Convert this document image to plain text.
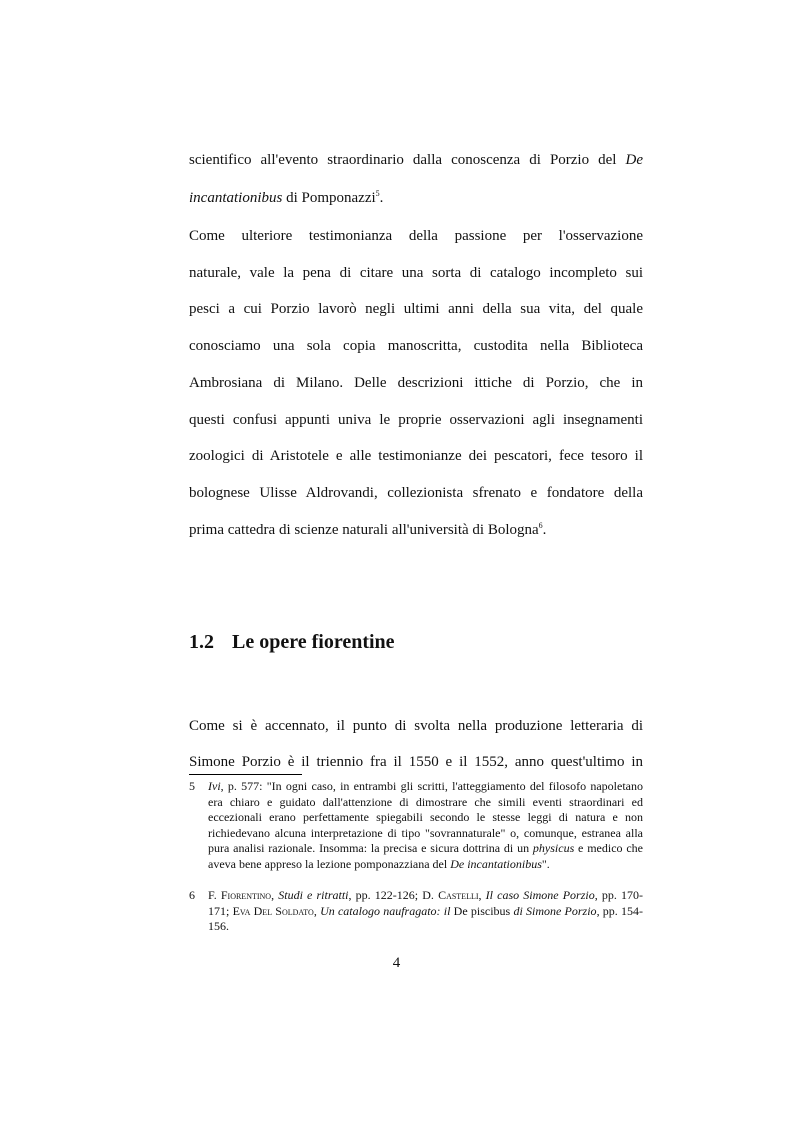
scientifico all'evento straordinario dalla conoscenza di Porzio del De
incantationibus di Pomponazzi$^5$.
Come ulteriore testimonianza della passione per l'osservazione
naturale, vale la pena di citare una sorta di catalogo incompleto sui
pesci a cui Porzio lavorò negli ultimi anni della sua vita, del quale
conosciamo una sola copia manoscritta, custodita nella Biblioteca
Ambrosiana di Milano. Delle descrizioni ittiche di Porzio, che in
questi confusi appunti univa le proprie osservazioni agli insegnamenti
zoologici di Aristotele e alle testimonianze dei pescatori, fece tesoro il
bolognese Ulisse Aldrovandi, collezionista sfrenato e fondatore della
prima cattedra di scienze naturali all'università di Bologna$^6$.
1.2 Le opere fiorentine
Come si è accennato, il punto di svolta nella produzione letteraria di
Simone Porzio è il triennio fra il 1550 e il 1552, anno quest'ultimo in
5 Ivi, p. 577: "In ogni caso, in entrambi gli scritti, l'atteggiamento del filosofo napoletano era chiaro e guidato dall'attenzione di dimostrare che simili eventi straordinari ed eccezionali erano perfettamente spiegabili secondo le stesse leggi di natura e non richiedevano alcuna interpretazione di tipo "sovrannaturale" o, comunque, estranea alla pura analisi razionale. Insomma: la precisa e sicura dottrina di un physicus e medico che aveva bene appreso la lezione pomponazziana del De incantationibus".
6 F. Fiorentino, Studi e ritratti, pp. 122-126; D. Castelli, Il caso Simone Porzio, pp. 170-171; Eva Del Soldato, Un catalogo naufragato: il De piscibus di Simone Porzio, pp. 154-156.
4
